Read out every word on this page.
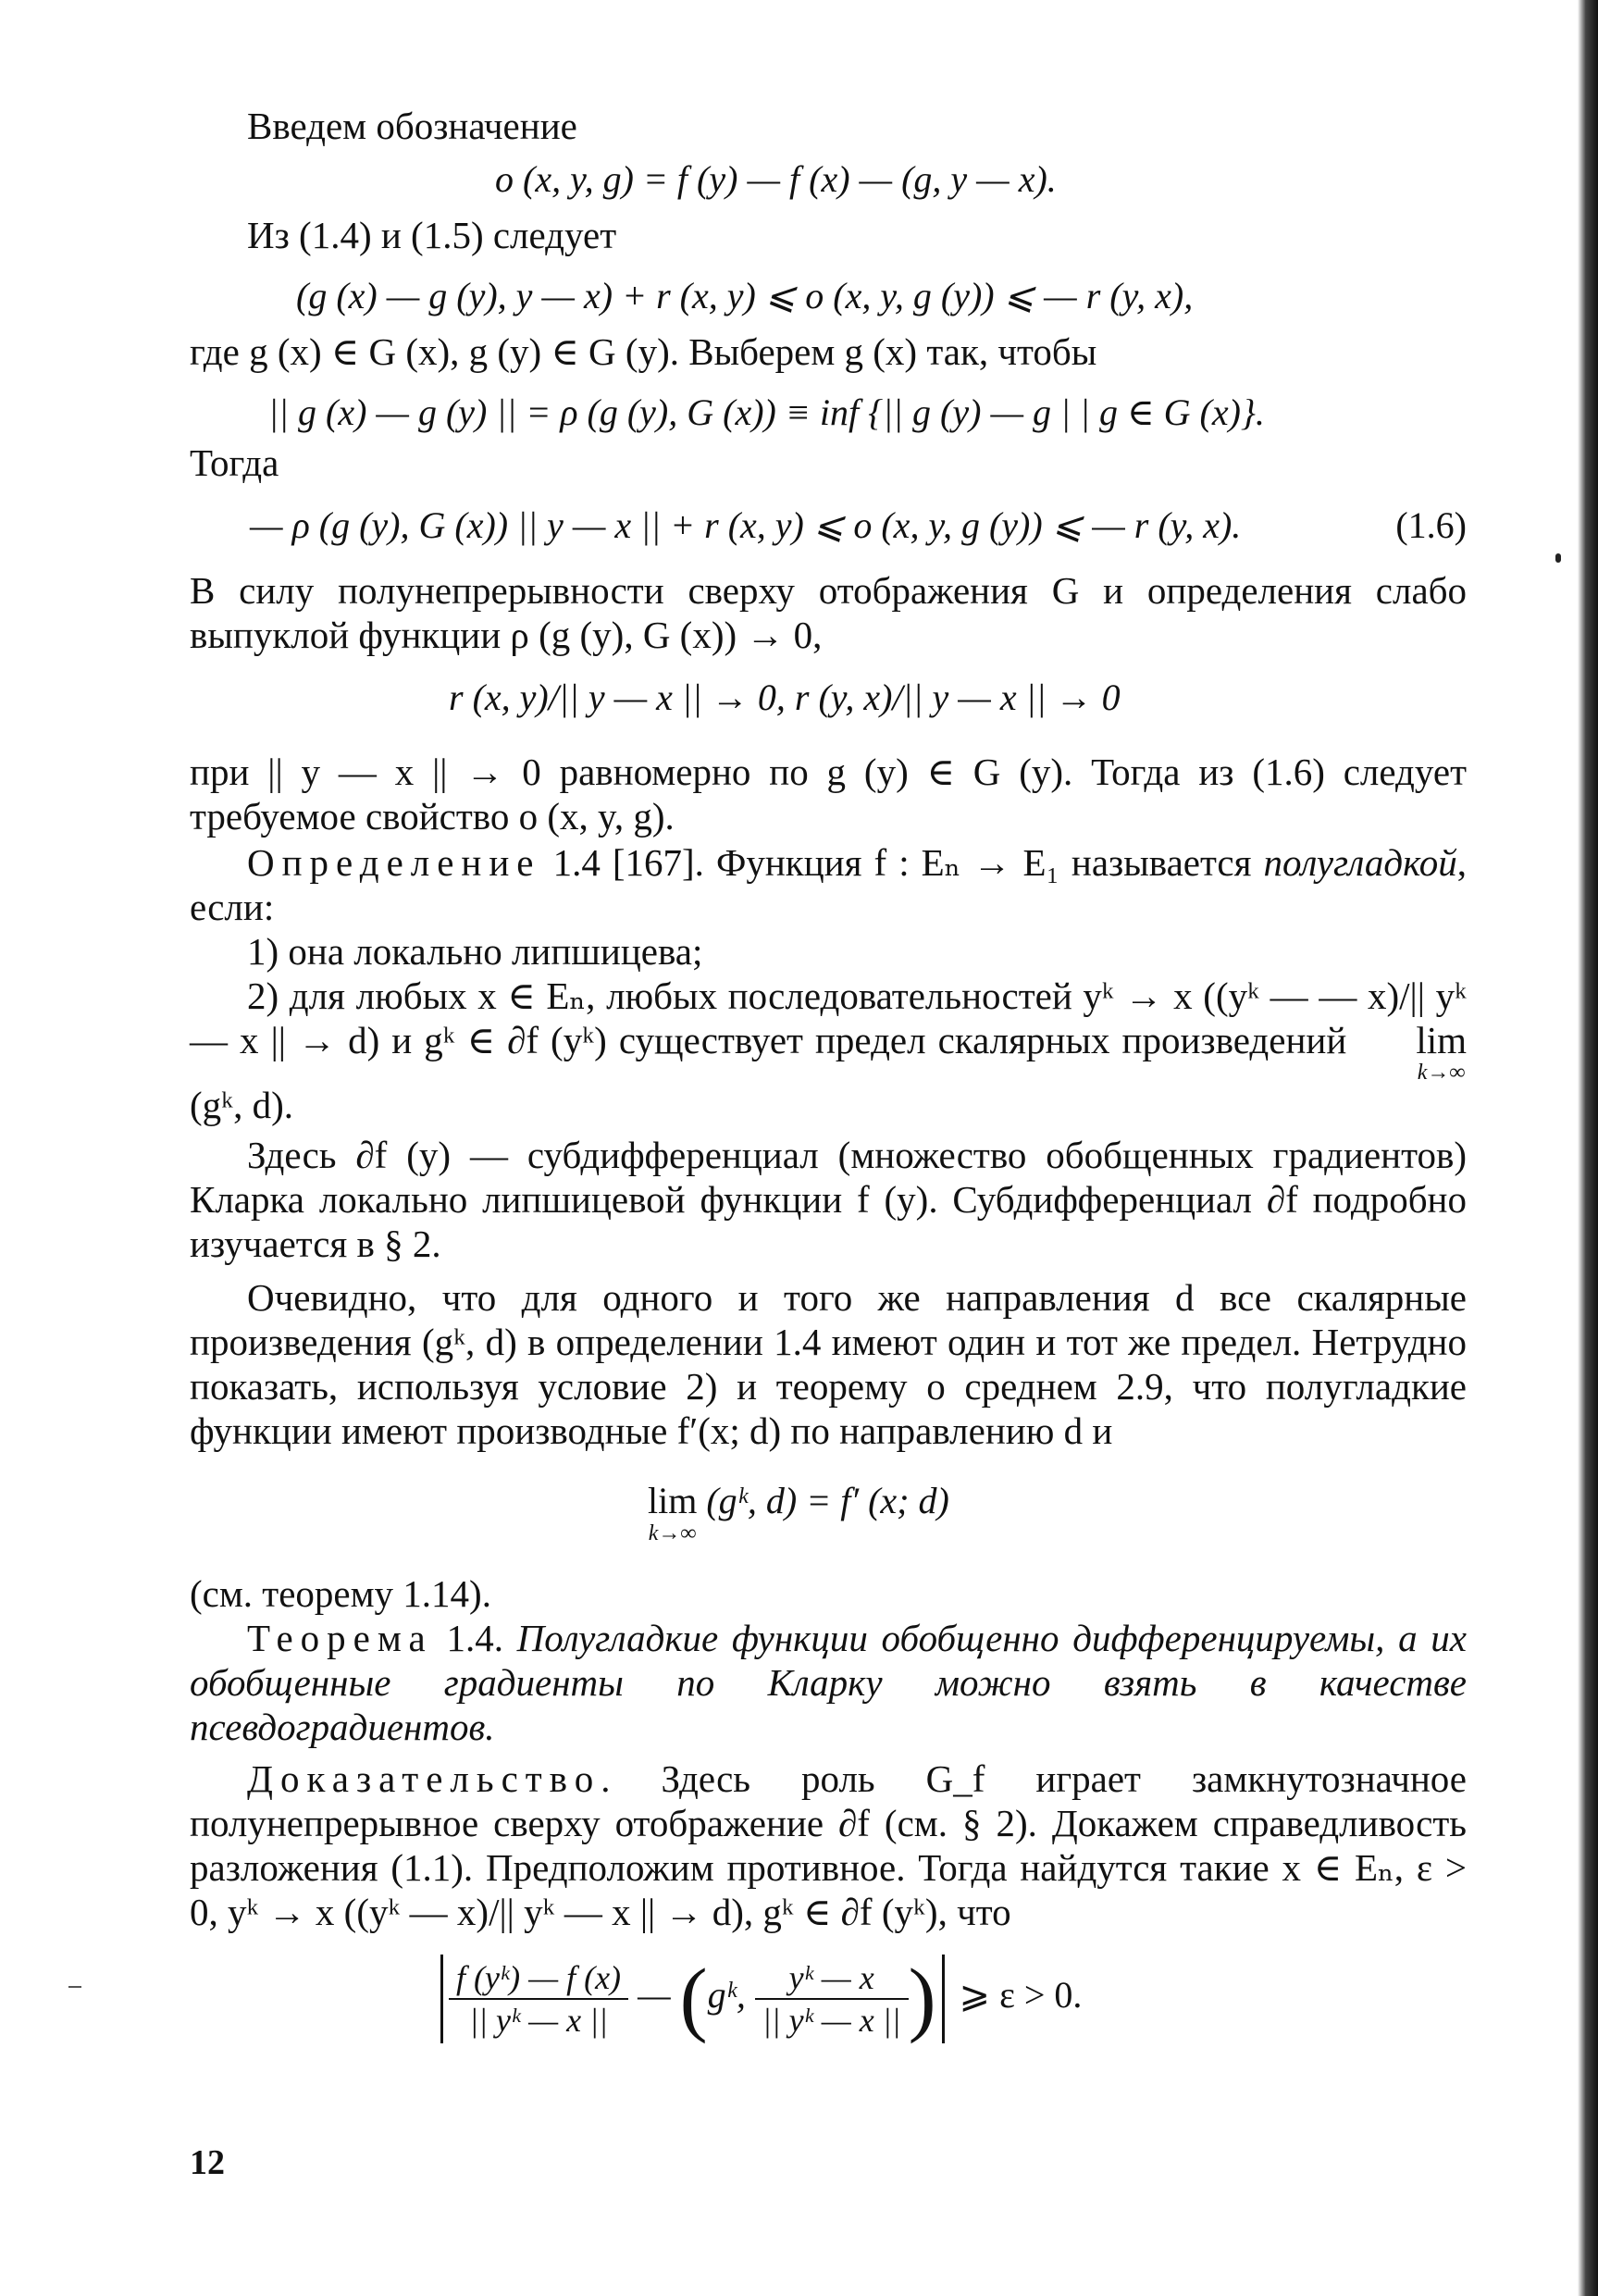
Введем обозначение

o (x, y, g) = f (y) — f (x) — (g, y — x).

Из (1.4) и (1.5) следует

(g (x) — g (y), y — x) + r (x, y) ⩽ o (x, y, g (y)) ⩽ — r (y, x),

где g (x) ∈ G (x), g (y) ∈ G (y). Выберем g (x) так, чтобы

|| g (x) — g (y) || = ρ (g (y), G (x)) ≡ inf {|| g (y) — g | | g ∈ G (x)}.

Тогда

— ρ (g (y), G (x)) || y — x || + r (x, y) ⩽ o (x, y, g (y)) ⩽ — r (y, x).	(1.6)

В силу полунепрерывности сверху отображения G и определения слабо выпуклой функции ρ (g (y), G (x)) → 0,

r (x, y)/|| y — x || → 0, r (y, x)/|| y — x || → 0

при || y — x || → 0 равномерно по g (y) ∈ G (y). Тогда из (1.6) следует требуемое свойство o (x, y, g).

Определение 1.4 [167]. Функция f : Eₙ → E₁ называется полугладкой, если:

1) она локально липшицева;

2) для любых x ∈ Eₙ, любых последовательностей yᵏ → x ((yᵏ — — x)/|| yᵏ — x || → d) и gᵏ ∈ ∂f (yᵏ) существует предел скалярных произведений lim
k→∞
(gᵏ, d).

Здесь ∂f (y) — субдифференциал (множество обобщенных градиентов) Кларка локально липшицевой функции f (y). Субдифференциал ∂f подробно изучается в § 2.

Очевидно, что для одного и того же направления d все скалярные произведения (gᵏ, d) в определении 1.4 имеют один и тот же предел. Нетрудно показать, используя условие 2) и теорему о среднем 2.9, что полугладкие функции имеют производные f′(x; d) по направлению d и

lim
k→∞
(gᵏ, d) = f′ (x; d)

(см. теорему 1.14).

Теорема 1.4. Полугладкие функции обобщенно дифференцируемы, а их обобщенные градиенты по Кларку можно взять в качестве псевдоградиентов.

Доказательство. Здесь роль G_f играет замкнутозначное полунепрерывное сверху отображение ∂f (см. § 2). Докажем справедливость разложения (1.1). Предположим противное. Тогда найдутся такие x ∈ Eₙ, ε > 0, yᵏ → x ((yᵏ — x)/|| yᵏ — x || → d), gᵏ ∈ ∂f (yᵏ), что

$\frac{\text{f (yᵏ) — f (x)}}{\text{|| yᵏ — x ||}}$ — (gᵏ, $\frac{\text{yᵏ — x}}{\text{|| yᵏ — x ||}}$ ) ⩾ ε > 0.

12
